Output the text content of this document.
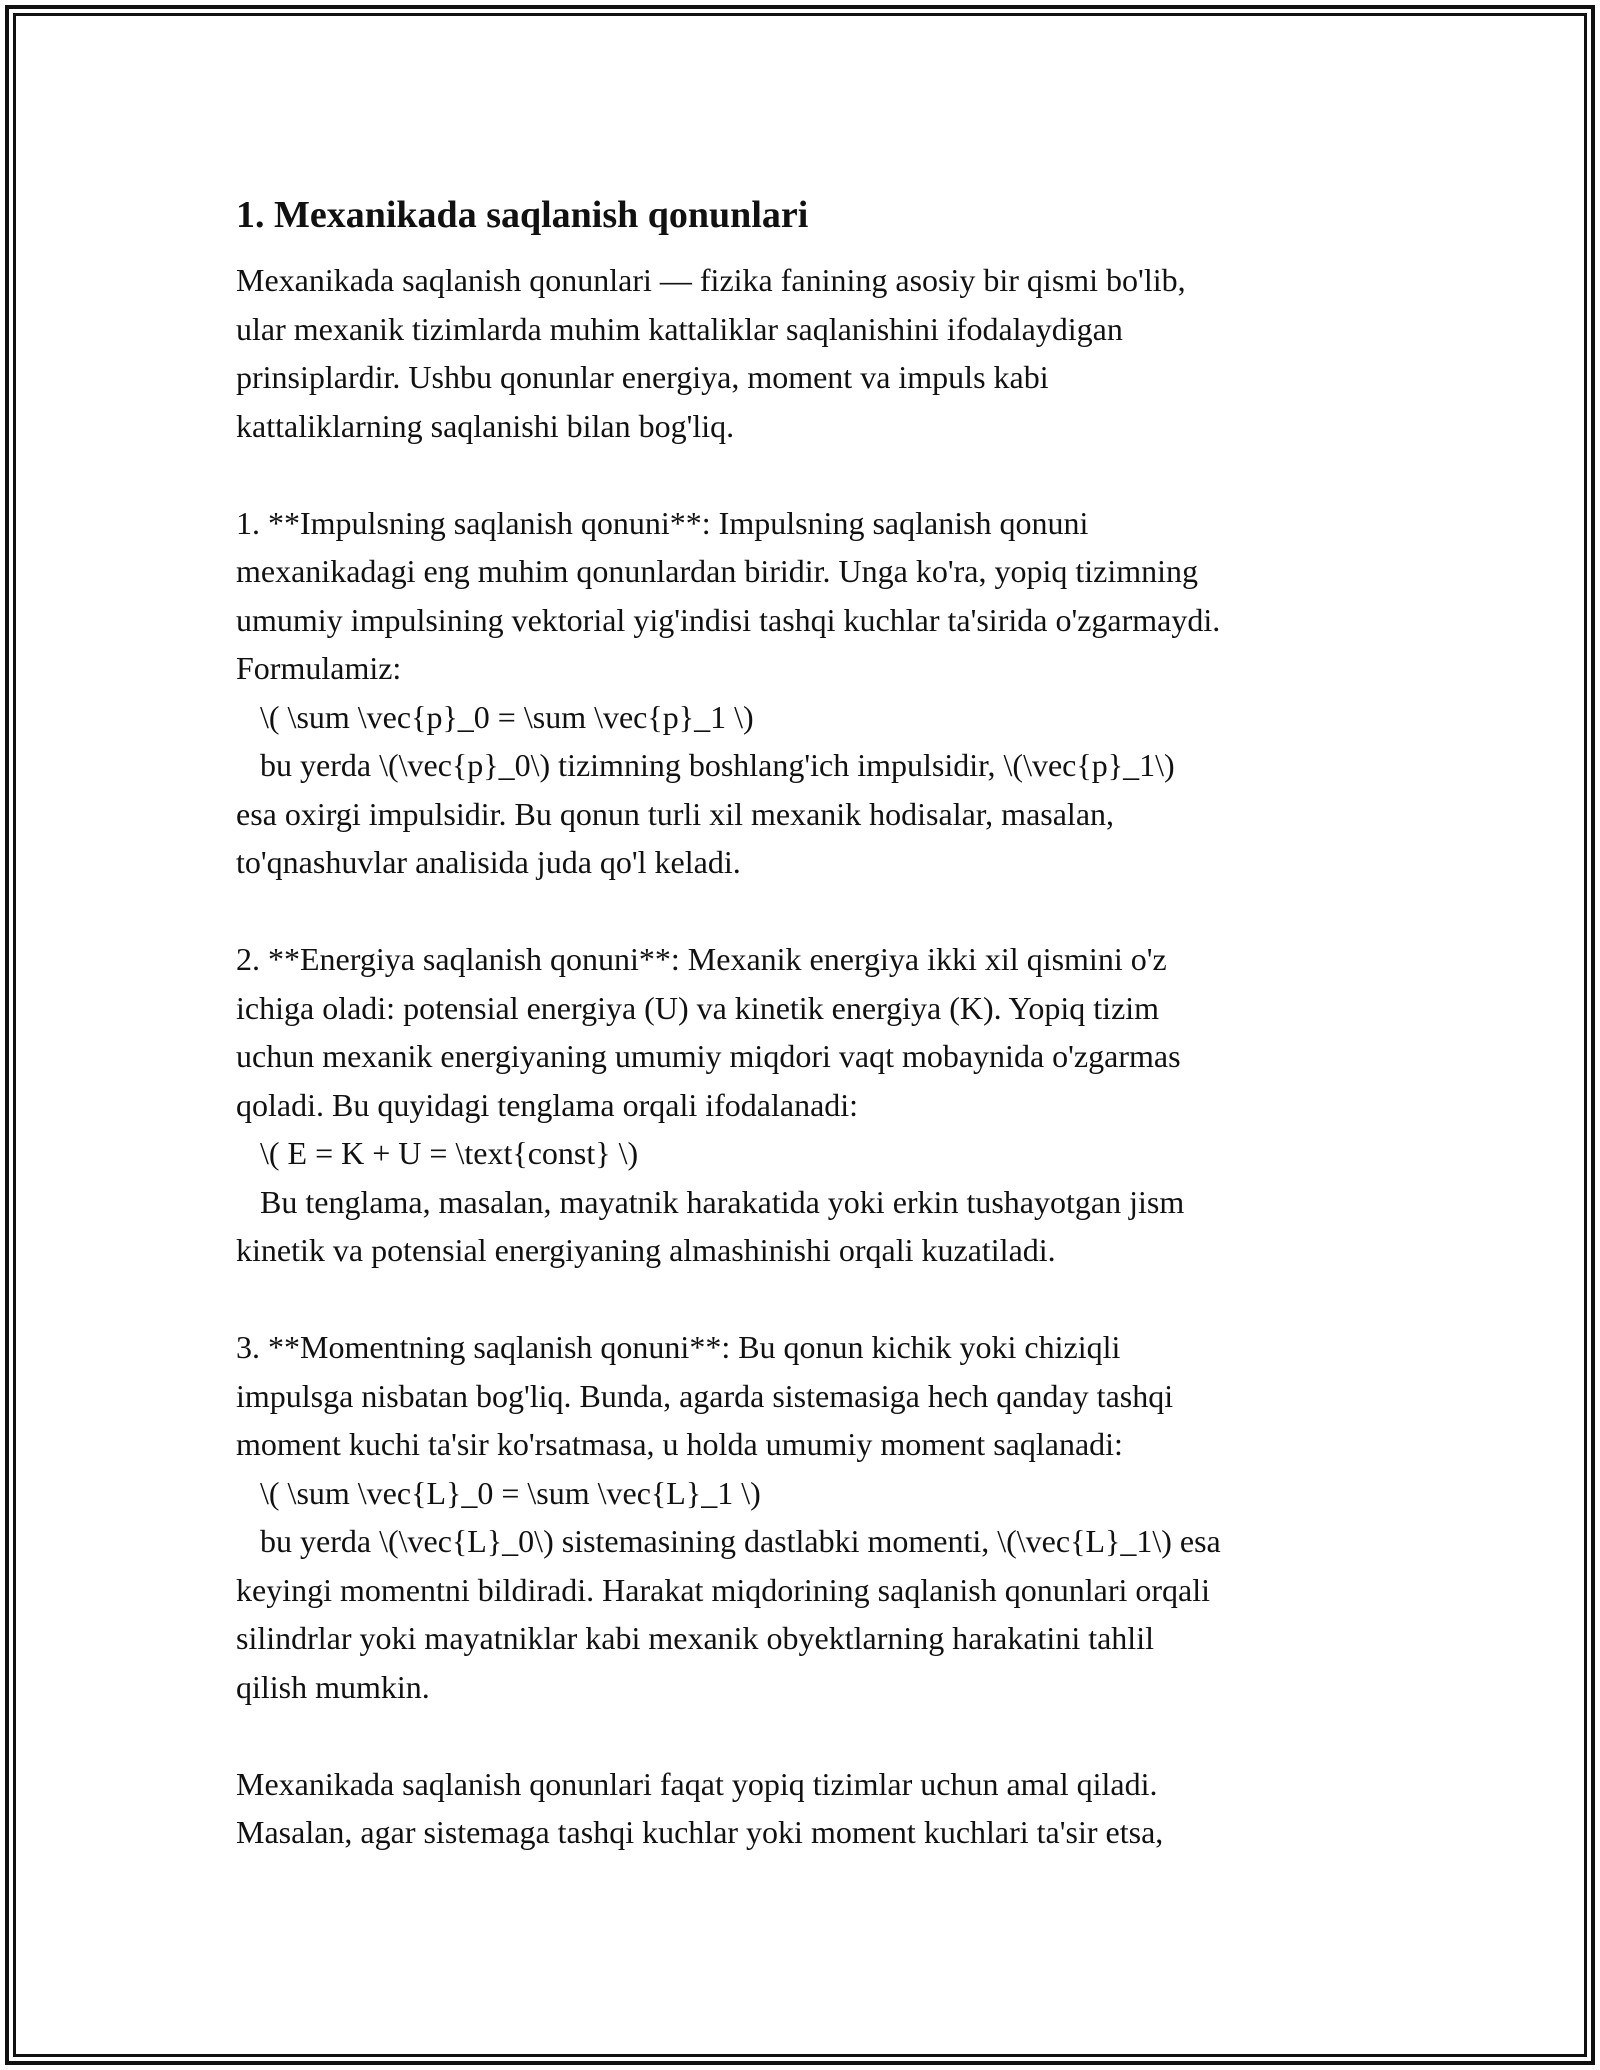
1. Mexanikada saqlanish qonunlari
Mexanikada saqlanish qonunlari — fizika fanining asosiy bir qismi bo'lib,
ular mexanik tizimlarda muhim kattaliklar saqlanishini ifodalaydigan
prinsiplardir. Ushbu qonunlar energiya, moment va impuls kabi
kattaliklarning saqlanishi bilan bog'liq.
1. **Impulsning saqlanish qonuni**: Impulsning saqlanish qonuni
mexanikadagi eng muhim qonunlardan biridir. Unga ko'ra, yopiq tizimning
umumiy impulsining vektorial yig'indisi tashqi kuchlar ta'sirida o'zgarmaydi.
Formulamiz:
\( \sum \vec{p}_0 = \sum \vec{p}_1 \)
bu yerda \(\vec{p}_0\) tizimning boshlang'ich impulsidir, \(\vec{p}_1\)
esa oxirgi impulsidir. Bu qonun turli xil mexanik hodisalar, masalan,
to'qnashuvlar analisida juda qo'l keladi.
2. **Energiya saqlanish qonuni**: Mexanik energiya ikki xil qismini o'z
ichiga oladi: potensial energiya (U) va kinetik energiya (K). Yopiq tizim
uchun mexanik energiyaning umumiy miqdori vaqt mobaynida o'zgarmas
qoladi. Bu quyidagi tenglama orqali ifodalanadi:
\( E = K + U = \text{const} \)
Bu tenglama, masalan, mayatnik harakatida yoki erkin tushayotgan jism
kinetik va potensial energiyaning almashinishi orqali kuzatiladi.
3. **Momentning saqlanish qonuni**: Bu qonun kichik yoki chiziqli
impulsga nisbatan bog'liq. Bunda, agarda sistemasiga hech qanday tashqi
moment kuchi ta'sir ko'rsatmasa, u holda umumiy moment saqlanadi:
\( \sum \vec{L}_0 = \sum \vec{L}_1 \)
bu yerda \(\vec{L}_0\) sistemasining dastlabki momenti, \(\vec{L}_1\) esa
keyingi momentni bildiradi. Harakat miqdorining saqlanish qonunlari orqali
silindrlar yoki mayatniklar kabi mexanik obyektlarning harakatini tahlil
qilish mumkin.
Mexanikada saqlanish qonunlari faqat yopiq tizimlar uchun amal qiladi.
Masalan, agar sistemaga tashqi kuchlar yoki moment kuchlari ta'sir etsa,
